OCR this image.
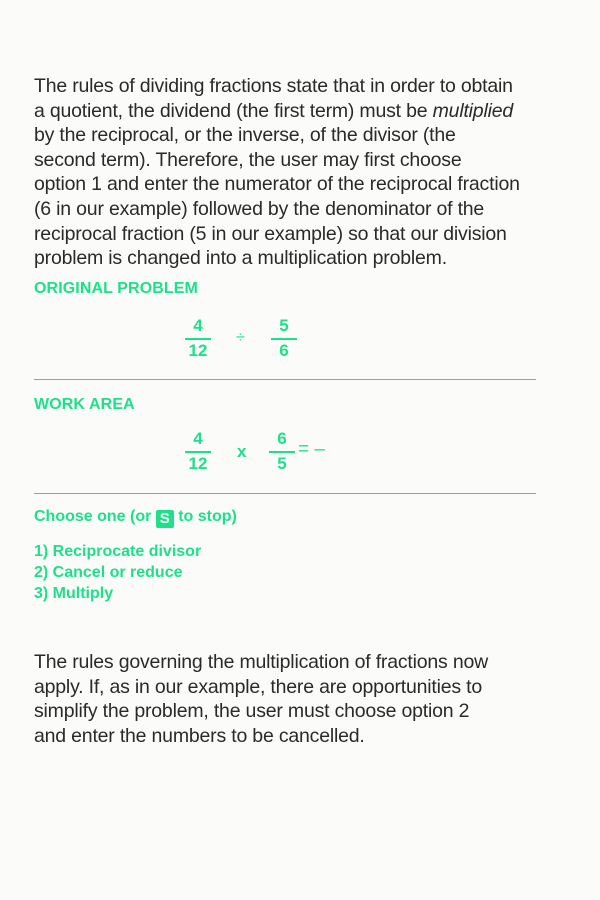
The rules of dividing fractions state that in order to obtain
a quotient, the dividend (the first term) must be multiplied
by the reciprocal, or the inverse, of the divisor (the
second term). Therefore, the user may first choose
option 1 and enter the numerator of the reciprocal fraction
(6 in our example) followed by the denominator of the
reciprocal fraction (5 in our example) so that our division
problem is changed into a multiplication problem.
ORIGINAL PROBLEM
4
12
÷
5
6
WORK AREA
4
12
x
6
5
= –
Choose one (or S to stop)
1) Reciprocate divisor
2) Cancel or reduce
3) Multiply
The rules governing the multiplication of fractions now
apply. If, as in our example, there are opportunities to
simplify the problem, the user must choose option 2
and enter the numbers to be cancelled.
